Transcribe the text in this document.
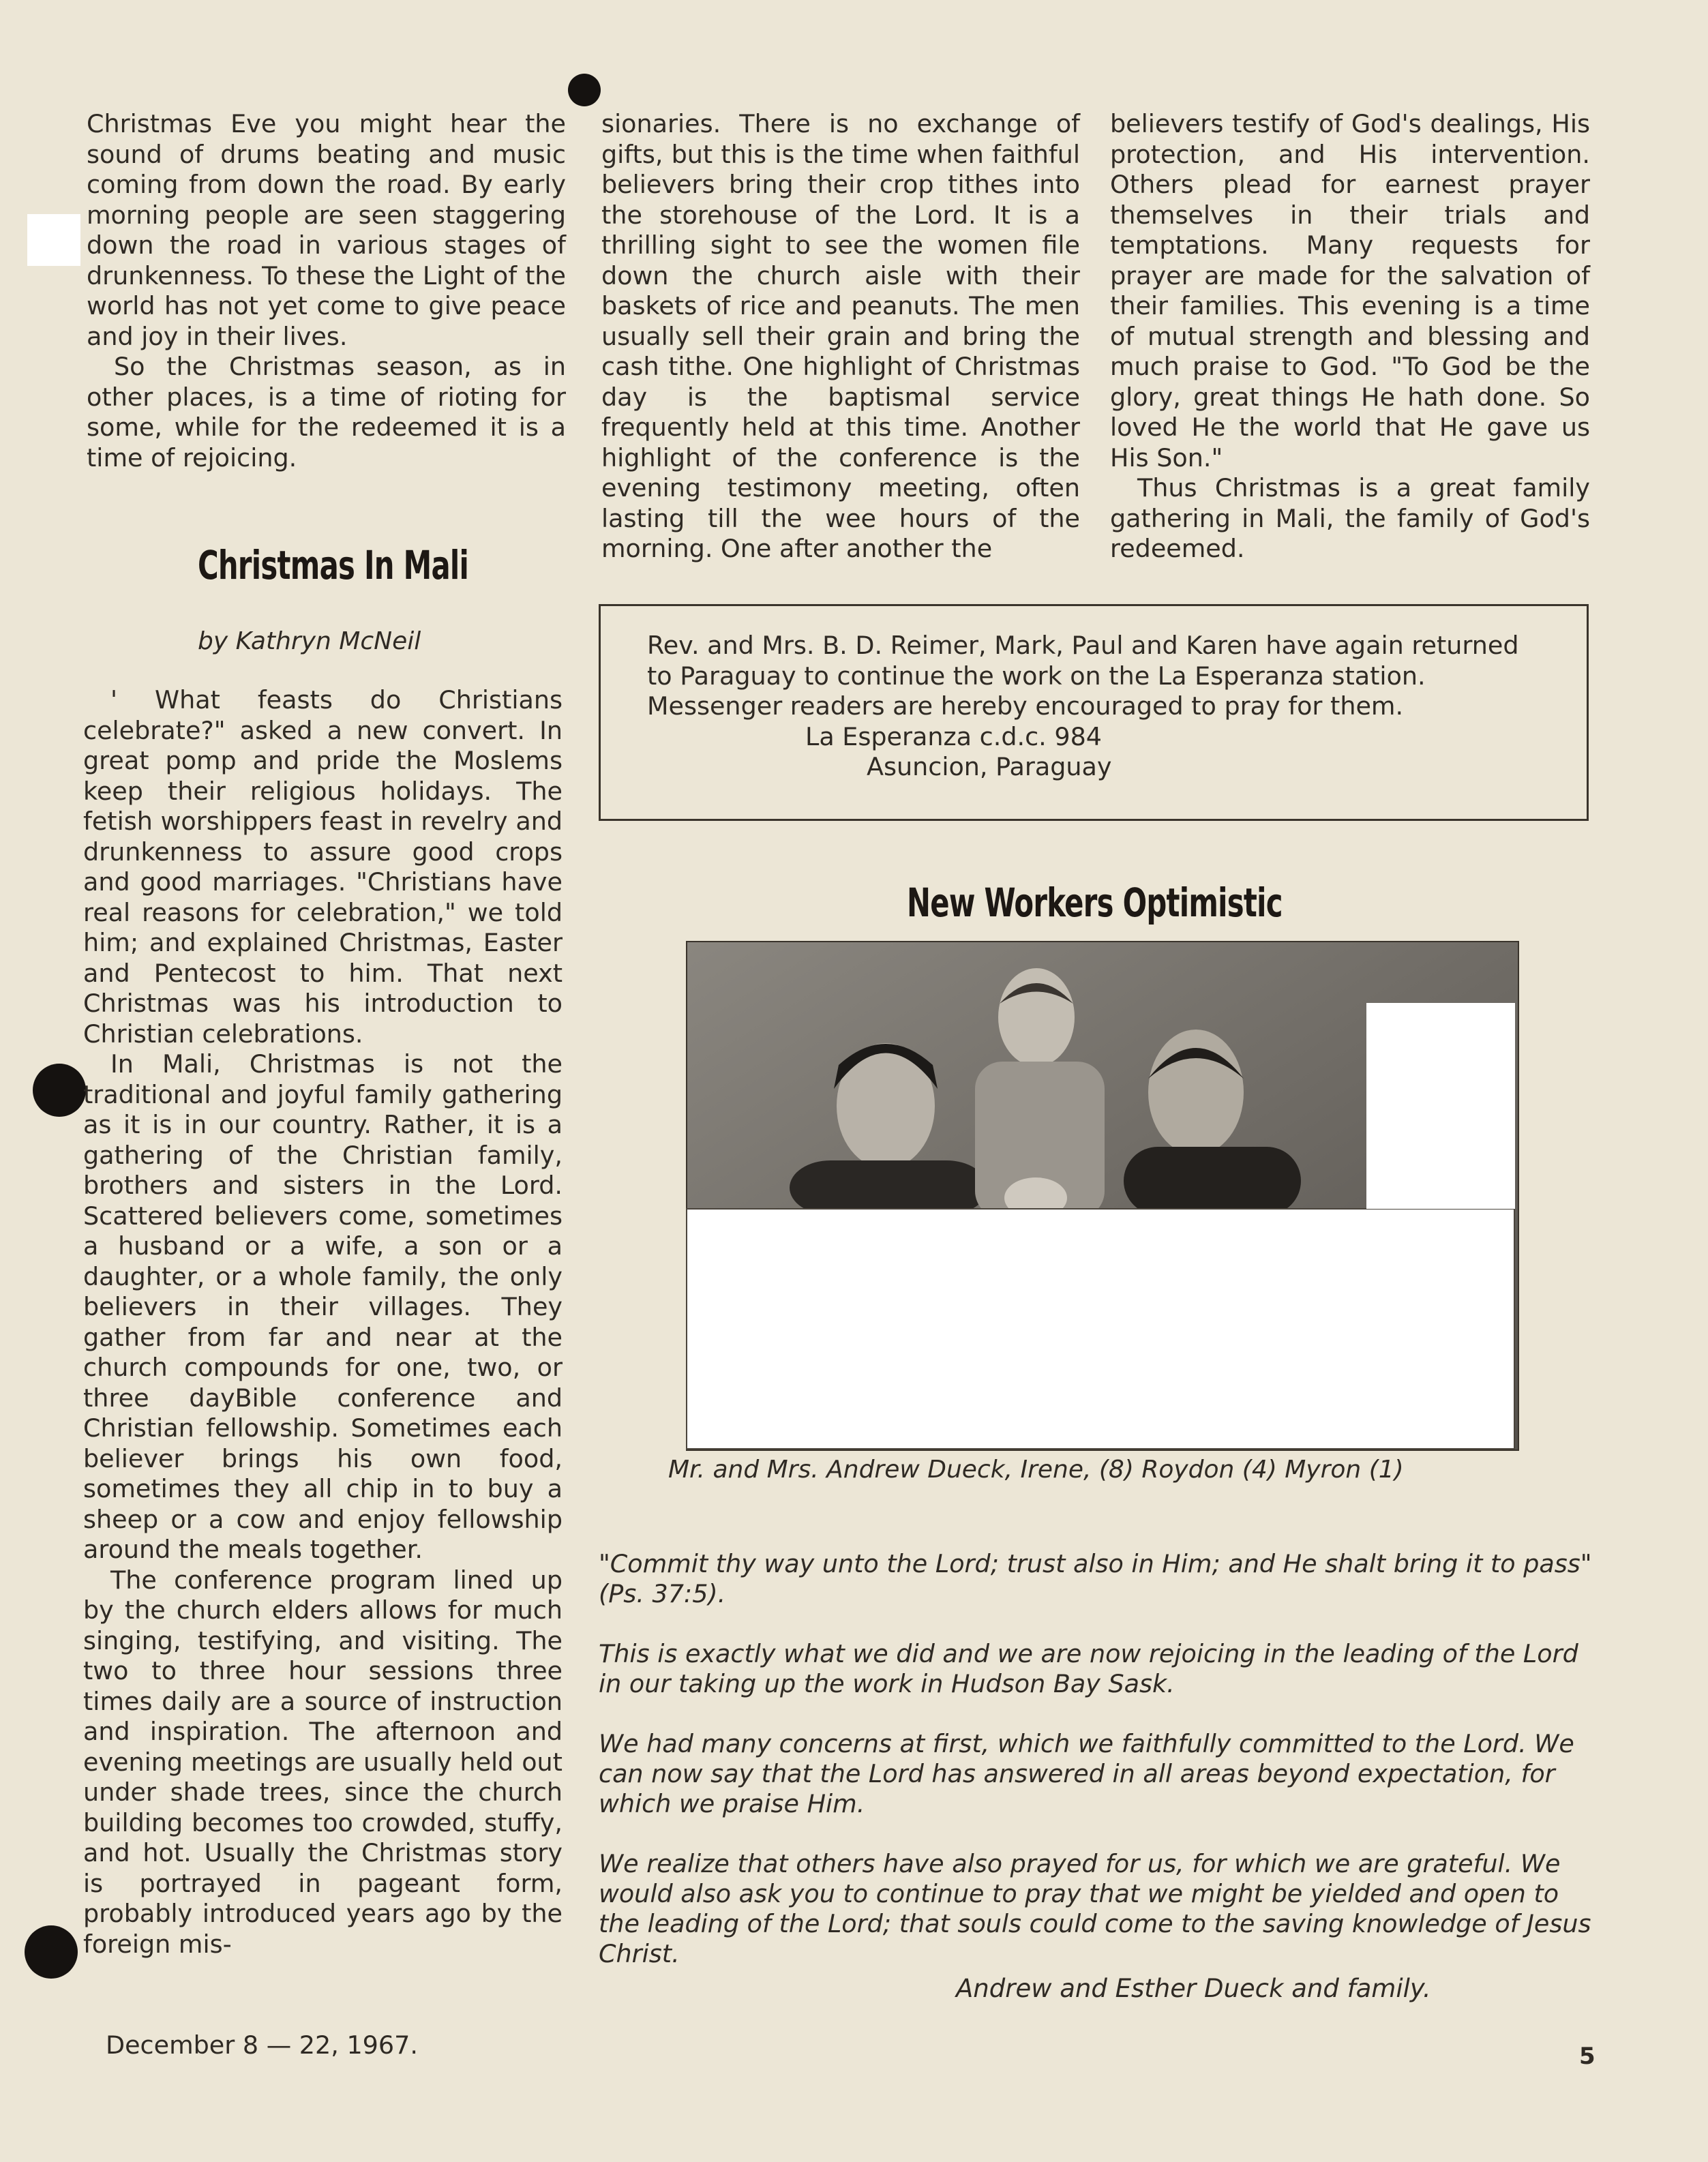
Christmas Eve you might hear the sound of drums beating and music coming from down the road. By early morning people are seen staggering down the road in various stages of drunkenness. To these the Light of the world has not yet come to give peace and joy in their lives.

So the Christmas season, as in other places, is a time of rioting for some, while for the redeemed it is a time of rejoicing.

Christmas In Mali
by Kathryn McNeil

' What feasts do Christians celebrate?" asked a new convert. In great pomp and pride the Moslems keep their religious holidays. The fetish worshippers feast in revelry and drunkenness to assure good crops and good marriages. "Christians have real reasons for celebration," we told him; and explained Christmas, Easter and Pentecost to him. That next Christmas was his introduction to Christian celebrations.

In Mali, Christmas is not the traditional and joyful family gathering as it is in our country. Rather, it is a gathering of the Christian family, brothers and sisters in the Lord. Scattered believers come, sometimes a husband or a wife, a son or a daughter, or a whole family, the only believers in their villages. They gather from far and near at the church compounds for one, two, or three dayBible conference and Christian fellowship. Sometimes each believer brings his own food, sometimes they all chip in to buy a sheep or a cow and enjoy fellowship around the meals together.

The conference program lined up by the church elders allows for much singing, testifying, and visiting. The two to three hour sessions three times daily are a source of instruction and inspiration. The afternoon and evening meetings are usually held out under shade trees, since the church building becomes too crowded, stuffy, and hot. Usually the Christmas story is portrayed in pageant form, probably introduced years ago by the foreign mis-

sionaries. There is no exchange of gifts, but this is the time when faithful believers bring their crop tithes into the storehouse of the Lord. It is a thrilling sight to see the women file down the church aisle with their baskets of rice and peanuts. The men usually sell their grain and bring the cash tithe. One highlight of Christmas day is the baptismal service frequently held at this time. Another highlight of the conference is the evening testimony meeting, often lasting till the wee hours of the morning. One after another the

believers testify of God's dealings, His protection, and His intervention. Others plead for earnest prayer themselves in their trials and temptations. Many requests for prayer are made for the salvation of their families. This evening is a time of mutual strength and blessing and much praise to God. "To God be the glory, great things He hath done. So loved He the world that He gave us His Son."

Thus Christmas is a great family gathering in Mali, the family of God's redeemed.

Rev. and Mrs. B. D. Reimer, Mark, Paul and Karen have again returned to Paraguay to continue the work on the La Esperanza station.
Messenger readers are hereby encouraged to pray for them.
La Esperanza c.d.c. 984
Asuncion, Paraguay
New Workers Optimistic
Mr. and Mrs. Andrew Dueck, Irene, (8) Roydon (4) Myron (1)

"Commit thy way unto the Lord; trust also in Him; and He shalt bring it to pass" (Ps. 37:5).

This is exactly what we did and we are now rejoicing in the leading of the Lord in our taking up the work in Hudson Bay Sask.

We had many concerns at first, which we faithfully committed to the Lord. We can now say that the Lord has answered in all areas beyond expectation, for which we praise Him.

We realize that others have also prayed for us, for which we are grateful. We would also ask you to continue to pray that we might be yielded and open to the leading of the Lord; that souls could come to the saving knowledge of Jesus Christ.

Andrew and Esther Dueck and family.
December 8 — 22, 1967.	5
